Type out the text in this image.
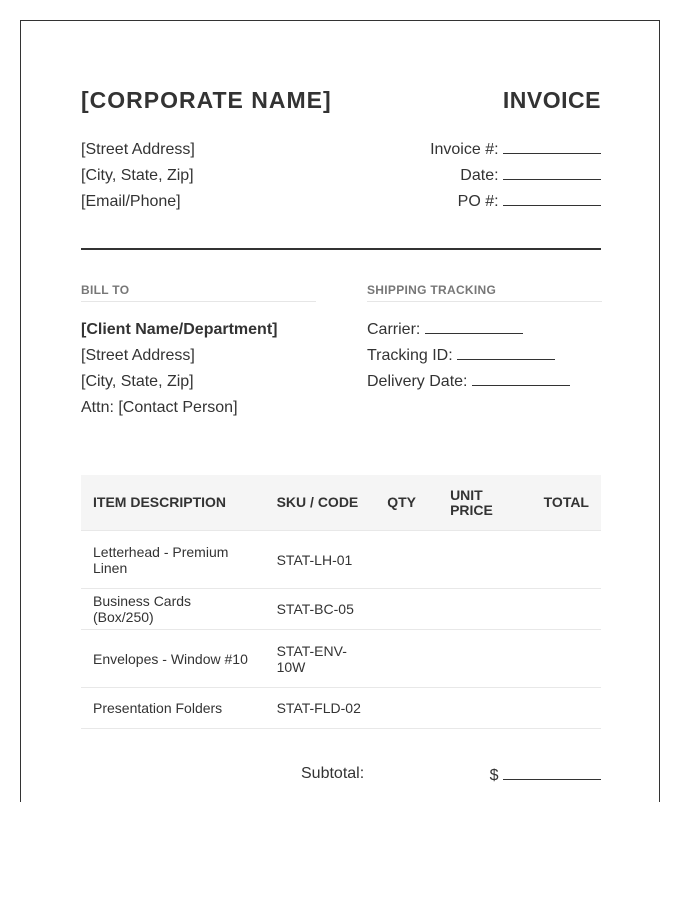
[CORPORATE NAME]	INVOICE
[Street Address]
[City, State, Zip]
[Email/Phone]
Invoice #:
Date:
PO #:
BILL TO	SHIPPING TRACKING
[Client Name/Department]
[Street Address]
[City, State, Zip]
Attn: [Contact Person]
Carrier:
Tracking ID:
Delivery Date:
ITEM DESCRIPTION	SKU / CODE	QTY	UNIT PRICE	TOTAL
Letterhead - Premium Linen	STAT-LH-01			
Business Cards (Box/250)	STAT-BC-05			
Envelopes - Window #10	STAT-ENV-10W			
Presentation Folders	STAT-FLD-02			
Subtotal:	$
